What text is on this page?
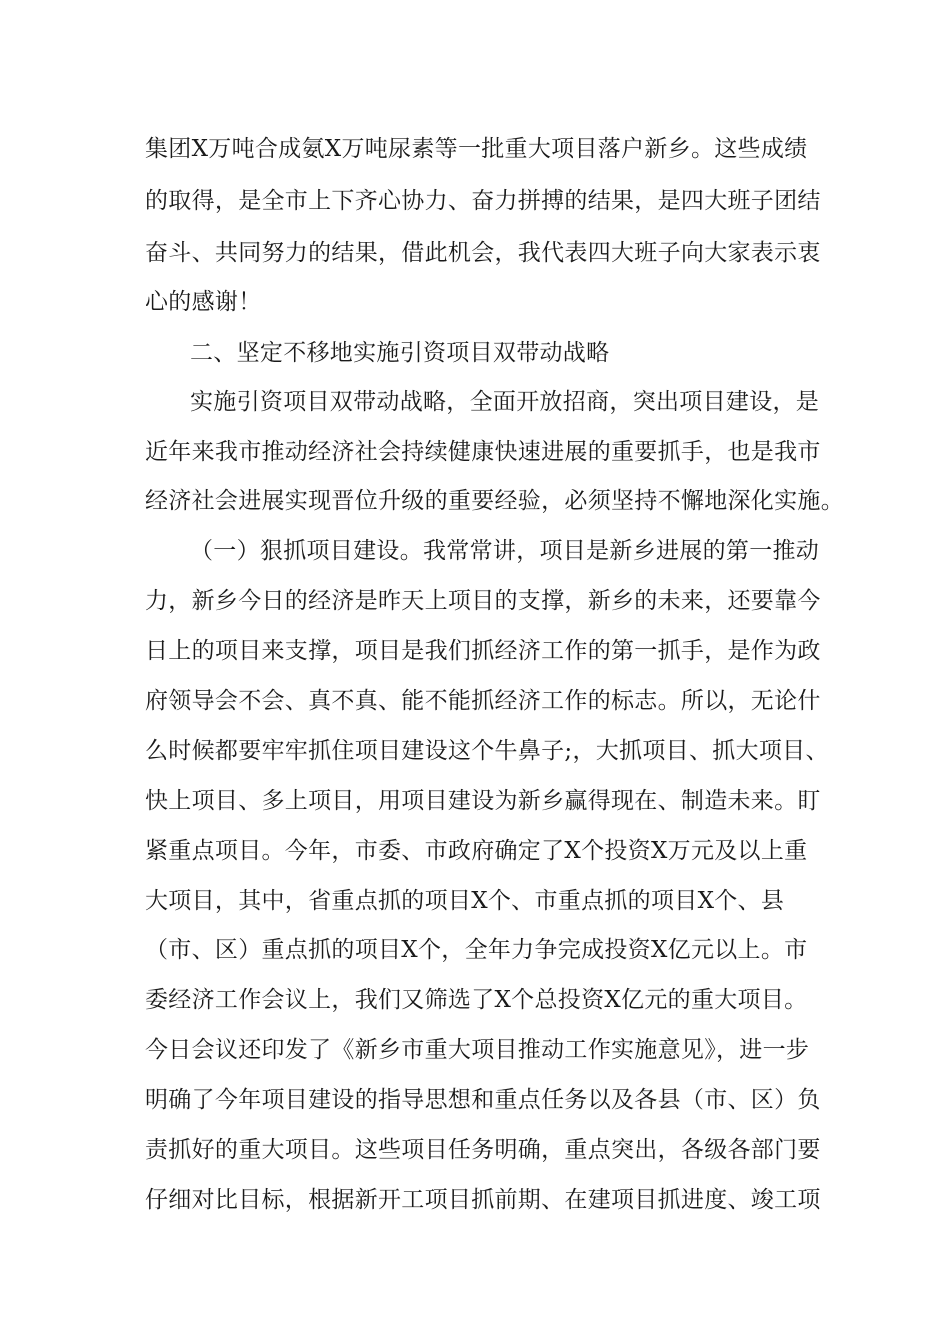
集团X万吨合成氨X万吨尿素等一批重大项目落户新乡。这些成绩
的取得，是全市上下齐心协力、奋力拼搏的结果，是四大班子团结
奋斗、共同努力的结果，借此机会，我代表四大班子向大家表示衷
心的感谢！
二、坚定不移地实施引资项目双带动战略
实施引资项目双带动战略，全面开放招商，突出项目建设，是
近年来我市推动经济社会持续健康快速进展的重要抓手，也是我市
经济社会进展实现晋位升级的重要经验，必须坚持不懈地深化实施。
（一）狠抓项目建设。我常常讲，项目是新乡进展的第一推动
力，新乡今日的经济是昨天上项目的支撑，新乡的未来，还要靠今
日上的项目来支撑，项目是我们抓经济工作的第一抓手，是作为政
府领导会不会、真不真、能不能抓经济工作的标志。所以，无论什
么时候都要牢牢抓住项目建设这个牛鼻子;，大抓项目、抓大项目、
快上项目、多上项目，用项目建设为新乡赢得现在、制造未来。盯
紧重点项目。今年，市委、市政府确定了X个投资X万元及以上重
大项目，其中，省重点抓的项目X个、市重点抓的项目X个、县
（市、区）重点抓的项目X个，全年力争完成投资X亿元以上。市
委经济工作会议上，我们又筛选了X个总投资X亿元的重大项目。
今日会议还印发了《新乡市重大项目推动工作实施意见》，进一步
明确了今年项目建设的指导思想和重点任务以及各县（市、区）负
责抓好的重大项目。这些项目任务明确，重点突出，各级各部门要
仔细对比目标，根据新开工项目抓前期、在建项目抓进度、竣工项
